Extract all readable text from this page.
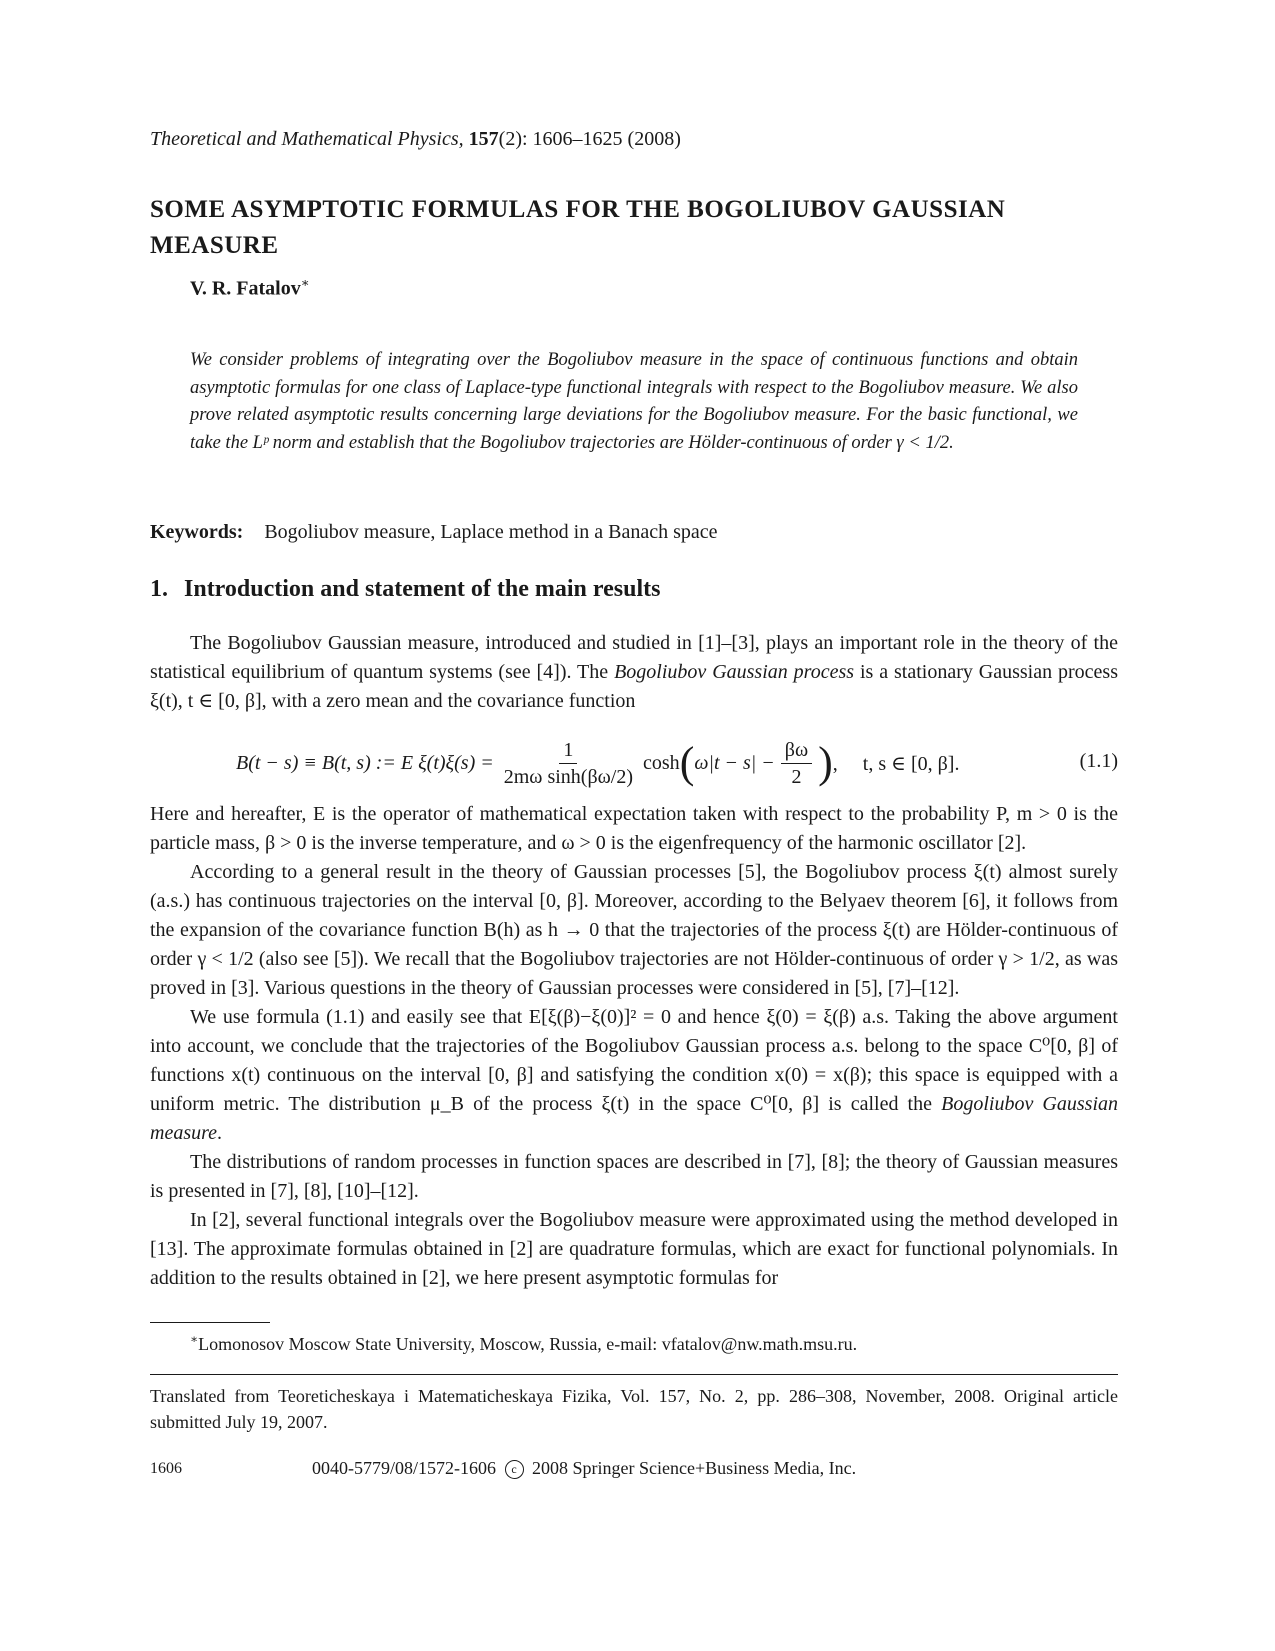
Theoretical and Mathematical Physics, 157(2): 1606–1625 (2008)
SOME ASYMPTOTIC FORMULAS FOR THE BOGOLIUBOV GAUSSIAN MEASURE
V. R. Fatalov∗
We consider problems of integrating over the Bogoliubov measure in the space of continuous functions and obtain asymptotic formulas for one class of Laplace-type functional integrals with respect to the Bogoliubov measure. We also prove related asymptotic results concerning large deviations for the Bogoliubov measure. For the basic functional, we take the Lᵖ norm and establish that the Bogoliubov trajectories are Hölder-continuous of order γ < 1/2.
Keywords: Bogoliubov measure, Laplace method in a Banach space
1. Introduction and statement of the main results

The Bogoliubov Gaussian measure, introduced and studied in [1]–[3], plays an important role in the theory of the statistical equilibrium of quantum systems (see [4]). The Bogoliubov Gaussian process is a stationary Gaussian process ξ(t), t ∈ [0, β], with a zero mean and the covariance function

B(t − s) ≡ B(t, s) := E $\xi(t)\xi(s) = \frac{1}{\text{2mω sinh(βω/2)}}$ cosh ( $\omega|t - s| - \frac{\beta\omega}{2}$ ) ,     t, s ∈ [0, β].	(1.1)

Here and hereafter, E is the operator of mathematical expectation taken with respect to the probability P, m > 0 is the particle mass, β > 0 is the inverse temperature, and ω > 0 is the eigenfrequency of the harmonic oscillator [2].

According to a general result in the theory of Gaussian processes [5], the Bogoliubov process ξ(t) almost surely (a.s.) has continuous trajectories on the interval [0, β]. Moreover, according to the Belyaev theorem [6], it follows from the expansion of the covariance function B(h) as h → 0 that the trajectories of the process ξ(t) are Hölder-continuous of order γ < 1/2 (also see [5]). We recall that the Bogoliubov trajectories are not Hölder-continuous of order γ > 1/2, as was proved in [3]. Various questions in the theory of Gaussian processes were considered in [5], [7]–[12].

We use formula (1.1) and easily see that E[ξ(β)−ξ(0)]² = 0 and hence ξ(0) = ξ(β) a.s. Taking the above argument into account, we conclude that the trajectories of the Bogoliubov Gaussian process a.s. belong to the space C⁰[0, β] of functions x(t) continuous on the interval [0, β] and satisfying the condition x(0) = x(β); this space is equipped with a uniform metric. The distribution μ_B of the process ξ(t) in the space C⁰[0, β] is called the Bogoliubov Gaussian measure.

The distributions of random processes in function spaces are described in [7], [8]; the theory of Gaussian measures is presented in [7], [8], [10]–[12].

In [2], several functional integrals over the Bogoliubov measure were approximated using the method developed in [13]. The approximate formulas obtained in [2] are quadrature formulas, which are exact for functional polynomials. In addition to the results obtained in [2], we here present asymptotic formulas for

∗Lomonosov Moscow State University, Moscow, Russia, e-mail: vfatalov@nw.math.msu.ru.
Translated from Teoreticheskaya i Matematicheskaya Fizika, Vol. 157, No. 2, pp. 286–308, November, 2008. Original article submitted July 19, 2007.
1606	0040-5779/08/1572-1606 c 2008 Springer Science+Business Media, Inc.
